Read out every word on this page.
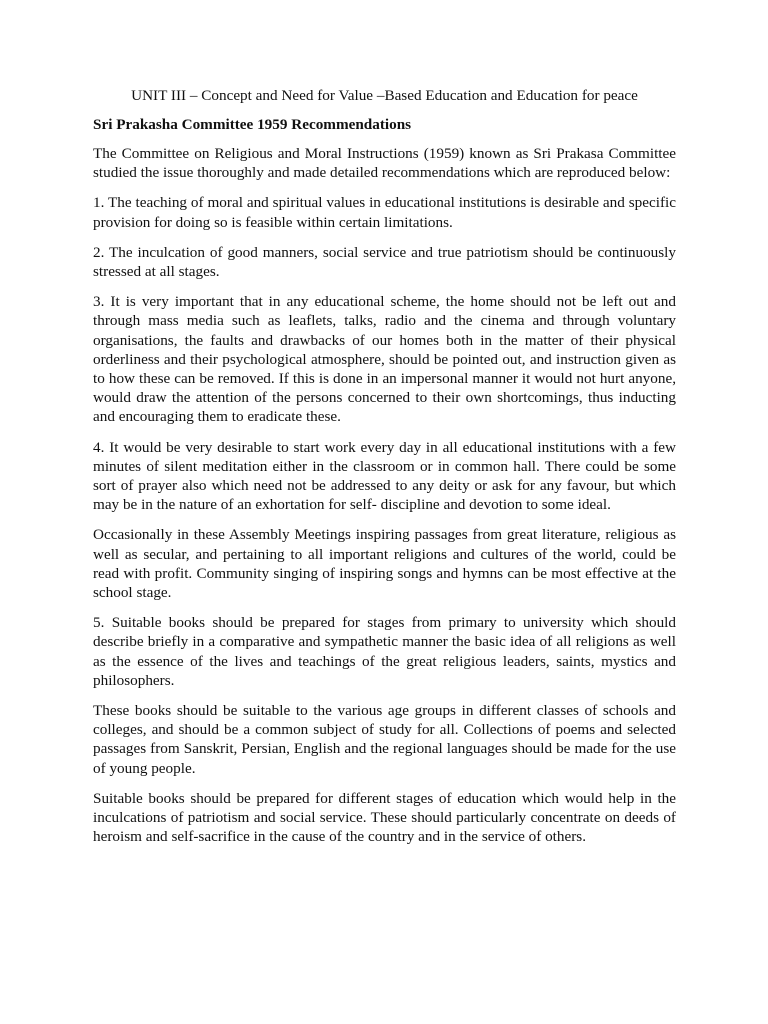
UNIT III – Concept and Need for Value –Based Education and Education for peace
Sri Prakasha Committee 1959 Recommendations

The Committee on Religious and Moral Instructions (1959) known as Sri Prakasa Committee studied the issue thoroughly and made detailed recommendations which are reproduced below:

1. The teaching of moral and spiritual values in educational institutions is desirable and specific provision for doing so is feasible within certain limitations.

2. The inculcation of good manners, social service and true patriotism should be continuously stressed at all stages.

3. It is very important that in any educational scheme, the home should not be left out and through mass media such as leaflets, talks, radio and the cinema and through voluntary organisations, the faults and drawbacks of our homes both in the matter of their physical orderliness and their psychological atmosphere, should be pointed out, and instruction given as to how these can be removed. If this is done in an impersonal manner it would not hurt anyone, would draw the attention of the persons concerned to their own shortcomings, thus inducting and encouraging them to eradicate these.

4. It would be very desirable to start work every day in all educational institutions with a few minutes of silent meditation either in the classroom or in common hall. There could be some sort of prayer also which need not be addressed to any deity or ask for any favour, but which may be in the nature of an exhortation for self- discipline and devotion to some ideal.

Occasionally in these Assembly Meetings inspiring passages from great literature, religious as well as secular, and pertaining to all important religions and cultures of the world, could be read with profit. Community singing of inspiring songs and hymns can be most effective at the school stage.

5. Suitable books should be prepared for stages from primary to university which should describe briefly in a comparative and sympathetic manner the basic idea of all religions as well as the essence of the lives and teachings of the great religious leaders, saints, mystics and philosophers.

These books should be suitable to the various age groups in different classes of schools and colleges, and should be a common subject of study for all. Collections of poems and selected passages from Sanskrit, Persian, English and the regional languages should be made for the use of young people.

Suitable books should be prepared for different stages of education which would help in the inculcations of patriotism and social service. These should particularly concentrate on deeds of heroism and self-sacrifice in the cause of the country and in the service of others.
